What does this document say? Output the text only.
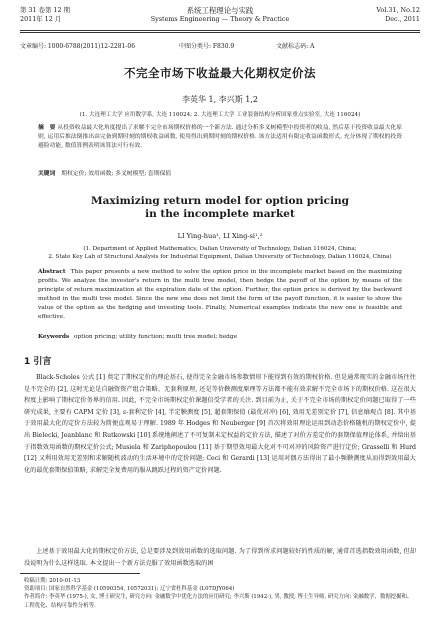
第 31 卷第 12 期
2011年 12 月
系统工程理论与实践
Systems Engineering — Theory & Practice
Vol.31, No.12
Dec., 2011
文章编号: 1000-6788(2011)12-2281-06	中图分类号: F830.9	文献标志码: A
不完全市场下收益最大化期权定价法
李英华 1, 李兴斯 1,2
(1. 大连理工大学 应用数学系, 大连 116024; 2. 大连理工大学 工业装备结构分析国家重点实验室, 大连 116024)
摘　要 从投资收益最大化角度提出了求解不完全市场期权价格的一个新方法. 通过分析多叉树模型中投资者的收益, 然后基于投资收益最大化原则, 运用后推法倒推出由完备到期时刻的期权收益函数, 使用得出到期时刻的期权价格. 该方法适用有限定收益函数形式, 充分体现了期权的投资避险功能, 数值算例表明该算法可行有效.
关键词 期权定价; 效用函数; 多叉树模型; 套期保值
Maximizing return model for option pricing
in the incomplete market
LI Ying-hua¹, LI Xing-si¹,²
(1. Department of Applied Mathematics, Dalian University of Technology, Dalian 116024, China;
2. State Key Lab of Structural Analysis for Industrial Equipment, Dalian University of Technology, Dalian 116024, China)
Abstract This paper presents a new method to solve the option price in the incomplete market based on the maximizing profits. We analyze the investor's return in the multi tree model, then hedge the payoff of the option by means of the principle of return maximization at the expiration date of the option. Further, the option price is derived by the backward method in the multi tree model. Since the new one does not limit the form of the payoff function, it is easier to show the value of the option as the hedging and investing tools. Finally, Numerical examples indicate the new one is feasible and effective.
Keywords option pricing; utility function; multi tree model; hedge
1 引言
Black-Scholes 公式 [1] 奠定了期权定价的理论基石, 使得完全金融市场参数情形下能得到有效的期权价格. 但是通常现实的金融市场往往是不完全的 [2], 这时无论是自融资资产组合策略、无套利原理, 还是等价鞅测度原理等方法都不能有效求解不完全市场下的期权价格. 这在很大程度上影响了期权定价务界的信用. 因此, 不完全市场期权定价课题倍受学者的关注. 到目前为止, 关于不完全市场的期权定价问题已取得了一些研究成果, 主要有 CAPM 定价 [3], ε-套利定价 [4], 半定鞅测度 [5], 超套期保值 (最优对冲) [6], 效用无差别定价 [7], 信息熵观点 [8]. 其中基于效用最大化的定价方法较为简便直观易于理解. 1989 年 Hodges 和 Neuberger [9] 首次将效用理论运用到动态价格随机的期权定价中, 提出 Bielecki, Jeanblanc 和 Rutkowski [10] 系统地阐述了不可复制未定权益的定价方法, 描述了对价方差定价的套期保值理论体系, 并给出基于指数效用函数的期权定价公式; Musiela 和 Zariphopoulou [11] 基于期望效用最大化对不可对冲的风险资产进行定价; Grasselli 和 Hurd [12] 又利用效用无差别和求解随机波动的生活环境中的定价问题; Ceci 和 Gerardi [13] 运用对偶方法得出了最小频鞅测度从而得到效用最大化的最优套期保值策略, 求解完全复费用的服从跳跃过程的资产定价问题.
上述基于效用最大化的期权定价方法, 总是要涉及到效用函数的选取问题. 为了得到所求问题较好的性质的解, 通常首选指数效用函数, 但却没说明为什么这样选取. 本文提出一个新方法克服了效用函数选取的困
收稿日期: 2010-01-13
资助项目: 国家自然科学基金 (10590354, 10572031); 辽宁省杜科基金 (L07DJY064)
作者简介: 李英华 (1975-), 女, 博士研究生, 研究方向: 金融数学中优化方法的应用研究; 李兴斯 (1942-), 男, 教授, 博士生导师, 研究方向: 金融数学、数据挖掘和、工程优化、结构可靠性分析等.
